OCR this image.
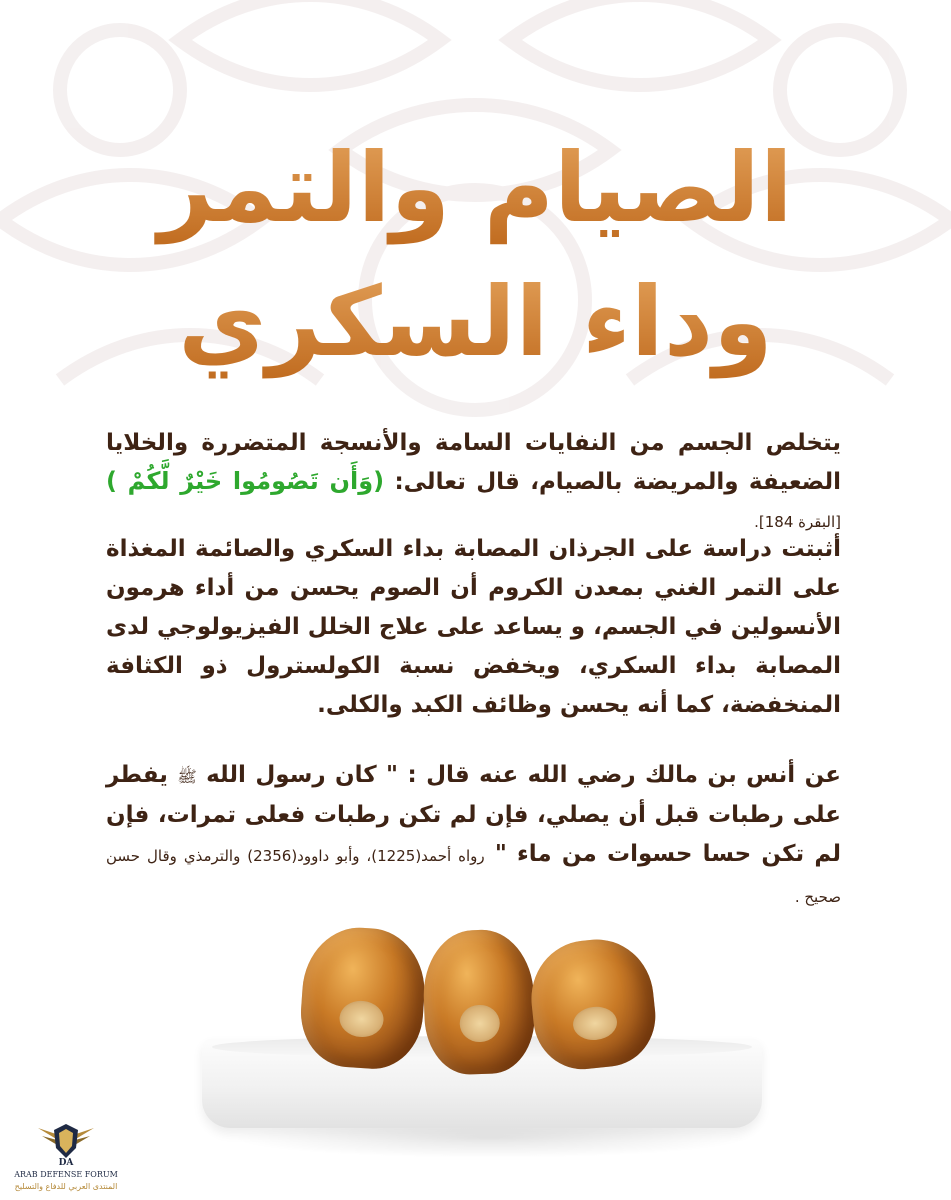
الصيام والتمر
وداء السكري

يتخلص الجسم من النفايات السامة والأنسجة المتضررة والخلايا الضعيفة والمريضة بالصيام، قال تعالى: (وَأَن تَصُومُوا خَيْرٌ لَّكُمْ ) [البقرة 184].

أثبتت دراسة على الجرذان المصابة بداء السكري والصائمة المغذاة على التمر الغني بمعدن الكروم أن الصوم يحسن من أداء هرمون الأنسولين في الجسم، و يساعد على علاج الخلل الفيزيولوجي لدى المصابة بداء السكري، ويخفض نسبة الكولسترول ذو الكثافة المنخفضة، كما أنه يحسن وظائف الكبد والكلى.

عن أنس بن مالك رضي الله عنه قال : " كان رسول الله ﷺ يفطر على رطبات قبل أن يصلي، فإن لم تكن رطبات فعلى تمرات، فإن لم تكن حسا حسوات من ماء " رواه أحمد(1225)، وأبو داوود(2356) والترمذي وقال حسن صحيح .

DA
ARAB DEFENSE FORUM
المنتدى العربي للدفاع والتسليح
